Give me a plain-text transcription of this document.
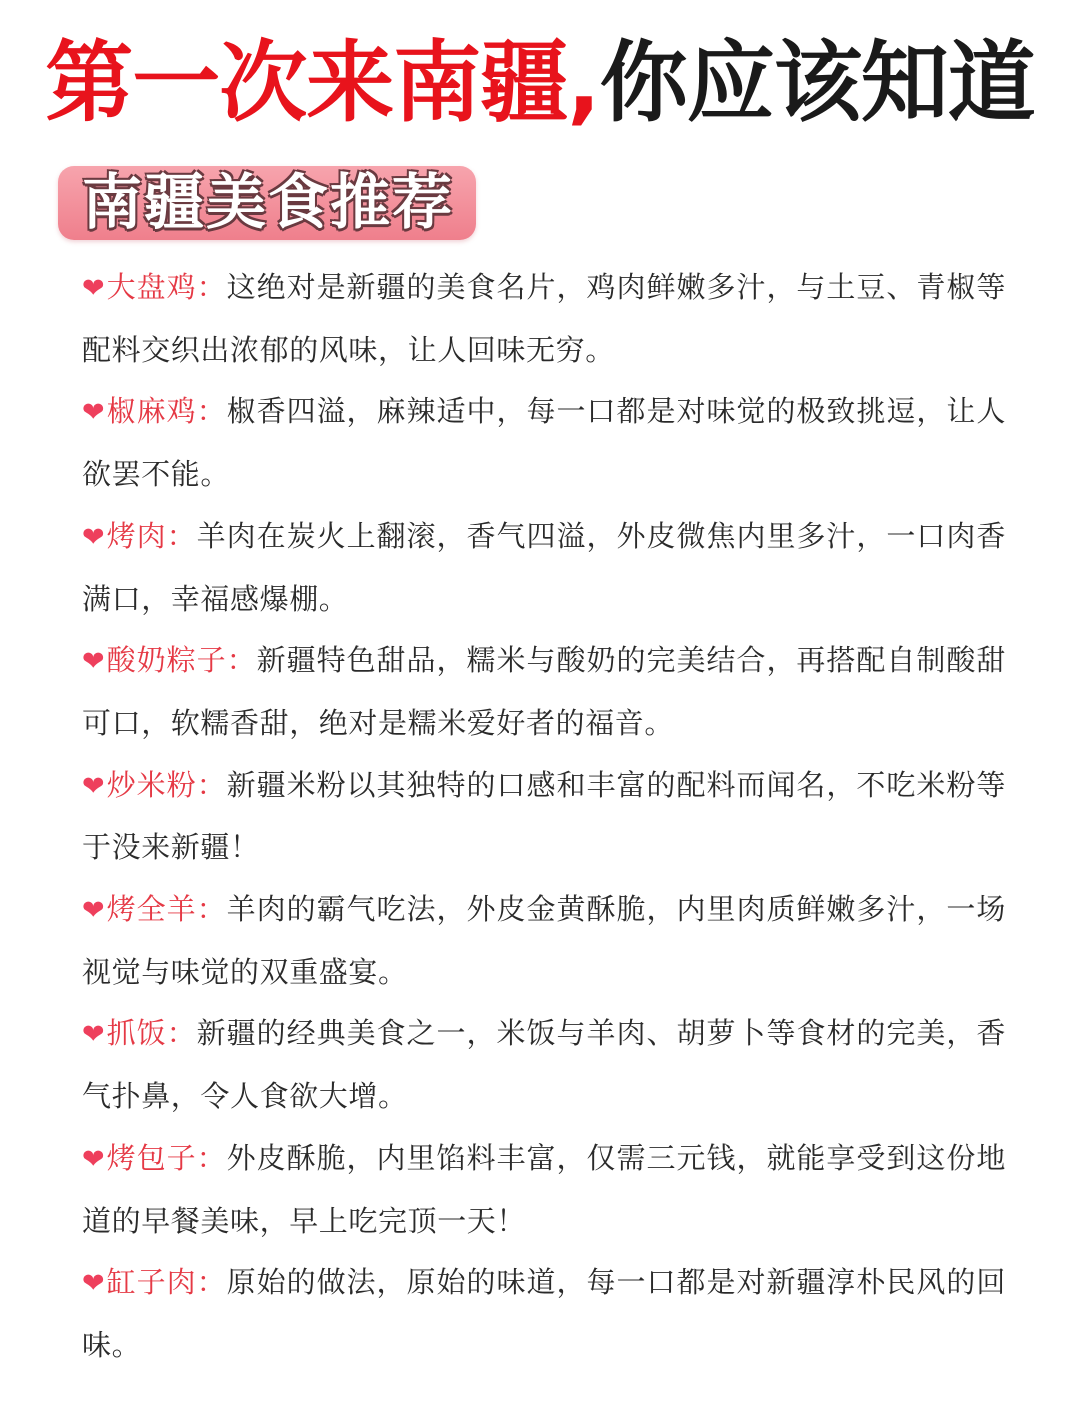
第一次来南疆,你应该知道
南疆美食推荐

❤大盘鸡：这绝对是新疆的美食名片，鸡肉鲜嫩多汁，与土豆、青椒等配料交织出浓郁的风味，让人回味无穷。

❤椒麻鸡：椒香四溢，麻辣适中，每一口都是对味觉的极致挑逗，让人欲罢不能。

❤烤肉：羊肉在炭火上翻滚，香气四溢，外皮微焦内里多汁，一口肉香满口，幸福感爆棚。

❤酸奶粽子：新疆特色甜品，糯米与酸奶的完美结合，再搭配自制酸甜可口，软糯香甜，绝对是糯米爱好者的福音。

❤炒米粉：新疆米粉以其独特的口感和丰富的配料而闻名，不吃米粉等于没来新疆！

❤烤全羊：羊肉的霸气吃法，外皮金黄酥脆，内里肉质鲜嫩多汁，一场视觉与味觉的双重盛宴。

❤抓饭：新疆的经典美食之一，米饭与羊肉、胡萝卜等食材的完美，香气扑鼻，令人食欲大增。

❤烤包子：外皮酥脆，内里馅料丰富，仅需三元钱，就能享受到这份地道的早餐美味，早上吃完顶一天！

❤缸子肉：原始的做法，原始的味道，每一口都是对新疆淳朴民风的回味。
